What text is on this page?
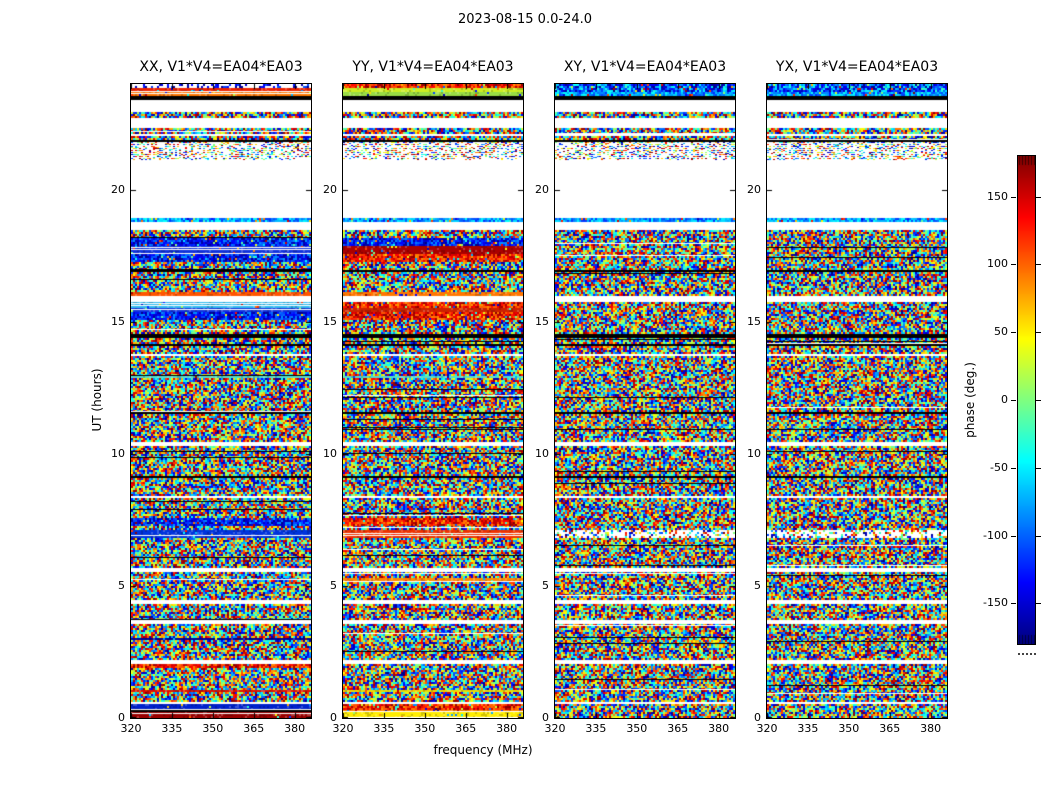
2023-08-15 0.0-24.0
UT (hours)
XX, V1*V4=EA04*EA03	YY, V1*V4=EA04*EA03	XY, V1*V4=EA04*EA03	YX, V1*V4=EA04*EA03
frequency (MHz)
phase (deg.)
0
5
10
15
20
320	335	350	365	380
0
5
10
15
20
320	335	350	365	380
0
5
10
15
20
320	335	350	365	380
0
5
10
15
20
320	335	350	365	380
150
100
50
0
-50
-100
-150
